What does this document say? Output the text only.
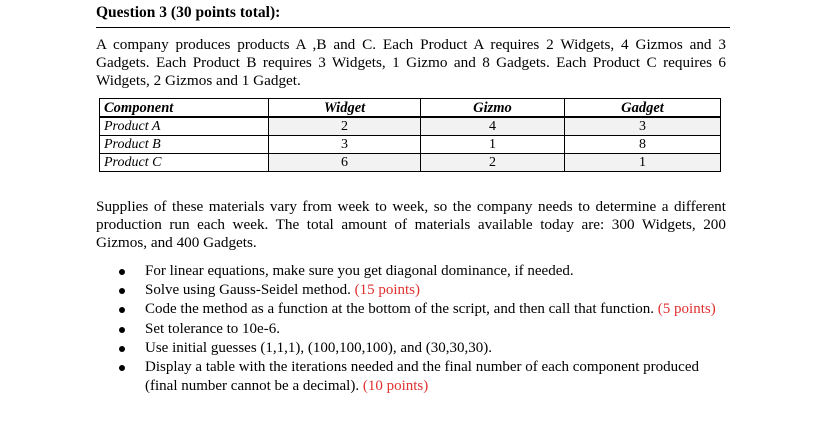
Question 3 (30 points total):
A company produces products A ,B and C. Each Product A requires 2 Widgets, 4 Gizmos and 3 Gadgets. Each Product B requires 3 Widgets, 1 Gizmo and 8 Gadgets. Each Product C requires 6 Widgets, 2 Gizmos and 1 Gadget.
Component	Widget	Gizmo	Gadget
Product A	2	4	3
Product B	3	1	8
Product C	6	2	1
Supplies of these materials vary from week to week, so the company needs to determine a different production run each week. The total amount of materials available today are: 300 Widgets, 200 Gizmos, and 400 Gadgets.
For linear equations, make sure you get diagonal dominance, if needed.
Solve using Gauss-Seidel method. (15 points)
Code the method as a function at the bottom of the script, and then call that function. (5 points)
Set tolerance to 10e-6.
Use initial guesses (1,1,1), (100,100,100), and (30,30,30).
Display a table with the iterations needed and the final number of each component produced (final number cannot be a decimal). (10 points)
